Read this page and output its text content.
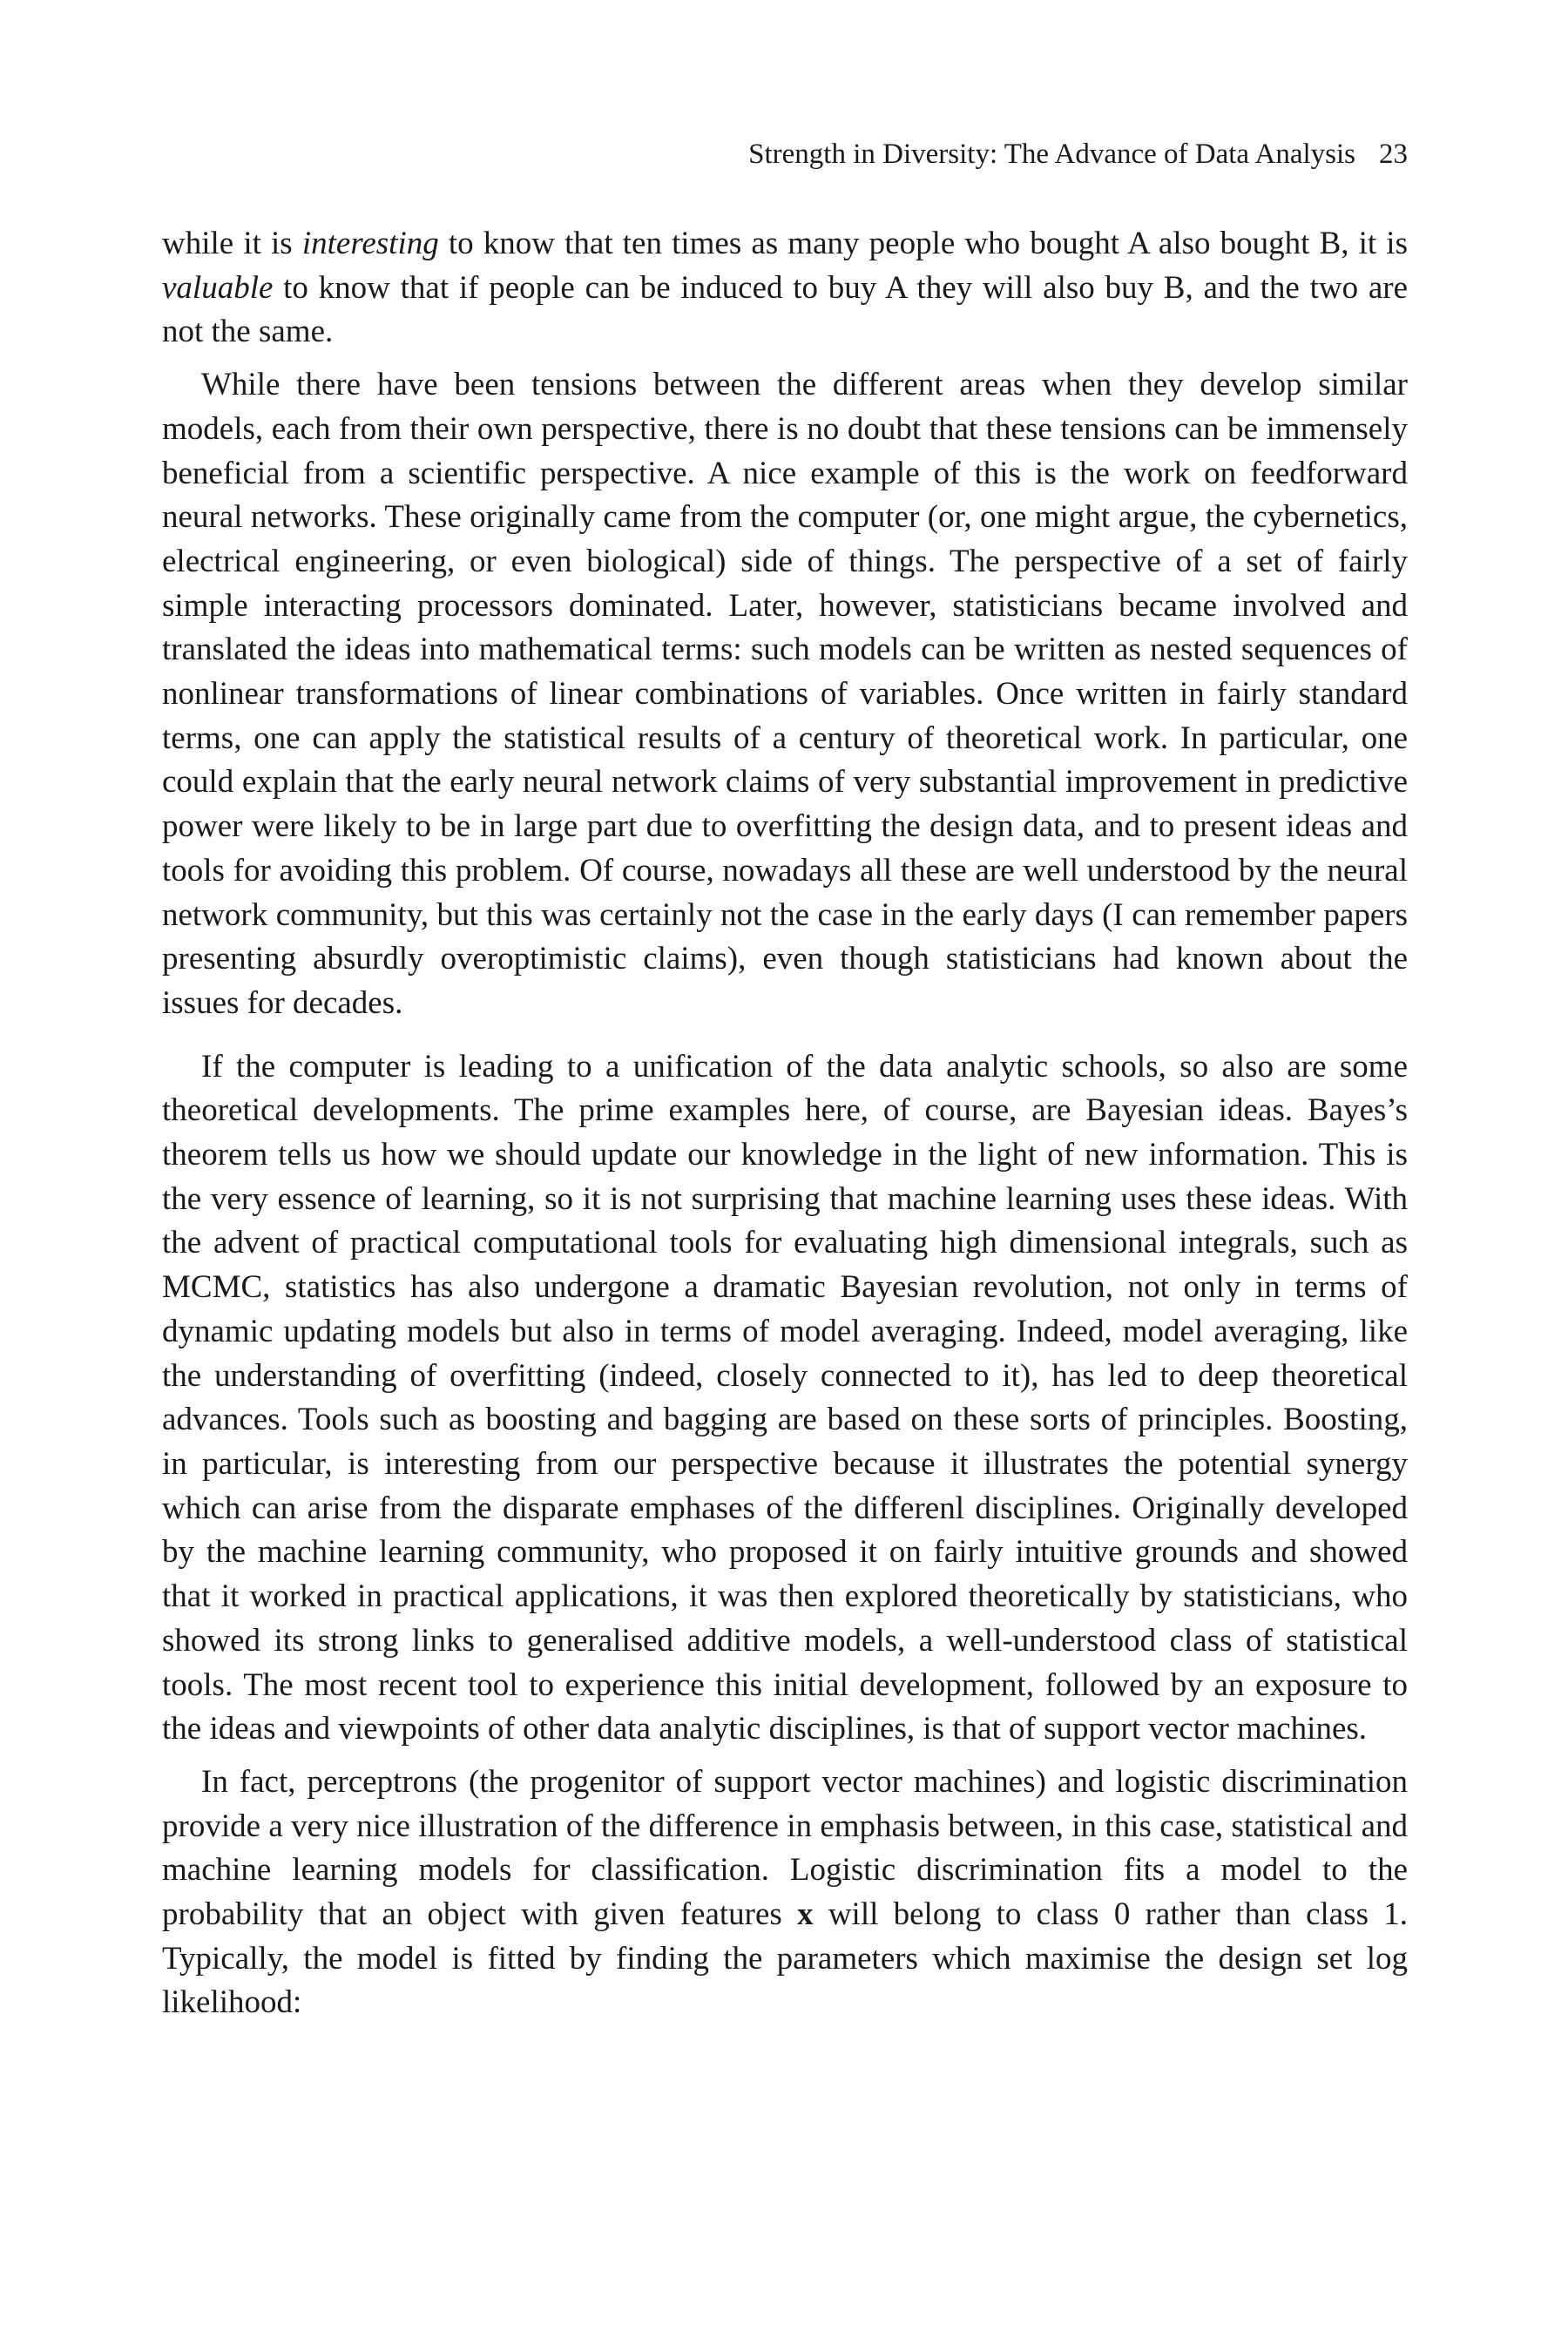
Strength in Diversity: The Advance of Data Analysis 23

while it is interesting to know that ten times as many people who bought A also bought B, it is valuable to know that if people can be induced to buy A they will also buy B, and the two are not the same.

While there have been tensions between the different areas when they develop similar models, each from their own perspective, there is no doubt that these tensions can be immensely beneficial from a scientific perspective. A nice example of this is the work on feedforward neural networks. These originally came from the computer (or, one might argue, the cybernetics, electrical engineering, or even biological) side of things. The perspective of a set of fairly simple interacting processors dominated. Later, however, statisticians became involved and translated the ideas into mathematical terms: such models can be written as nested sequences of nonlinear transformations of linear combinations of variables. Once written in fairly standard terms, one can apply the statistical results of a century of theoretical work. In particular, one could explain that the early neural network claims of very substantial improvement in predictive power were likely to be in large part due to overfitting the design data, and to present ideas and tools for avoiding this problem. Of course, nowadays all these are well understood by the neural network community, but this was certainly not the case in the early days (I can remember papers presenting absurdly overoptimistic claims), even though statisticians had known about the issues for decades.

If the computer is leading to a unification of the data analytic schools, so also are some theoretical developments. The prime examples here, of course, are Bayesian ideas. Bayes’s theorem tells us how we should update our knowledge in the light of new information. This is the very essence of learning, so it is not surprising that machine learning uses these ideas. With the advent of practical computational tools for evaluating high dimensional integrals, such as MCMC, statistics has also undergone a dramatic Bayesian revolution, not only in terms of dynamic updating models but also in terms of model averaging. Indeed, model averaging, like the understanding of overfitting (indeed, closely connected to it), has led to deep theoretical advances. Tools such as boosting and bagging are based on these sorts of principles. Boosting, in particular, is interesting from our perspective because it illustrates the potential synergy which can arise from the disparate emphases of the differenl disciplines. Originally developed by the machine learning community, who proposed it on fairly intuitive grounds and showed that it worked in practical applications, it was then explored theoretically by statisticians, who showed its strong links to generalised additive models, a well-understood class of statistical tools. The most recent tool to experience this initial development, followed by an exposure to the ideas and viewpoints of other data analytic disciplines, is that of support vector machines.

In fact, perceptrons (the progenitor of support vector machines) and logistic discrimination provide a very nice illustration of the difference in emphasis between, in this case, statistical and machine learning models for classification. Logistic discrimination fits a model to the probability that an object with given features x will belong to class 0 rather than class 1. Typically, the model is fitted by finding the parameters which maximise the design set log likelihood:
